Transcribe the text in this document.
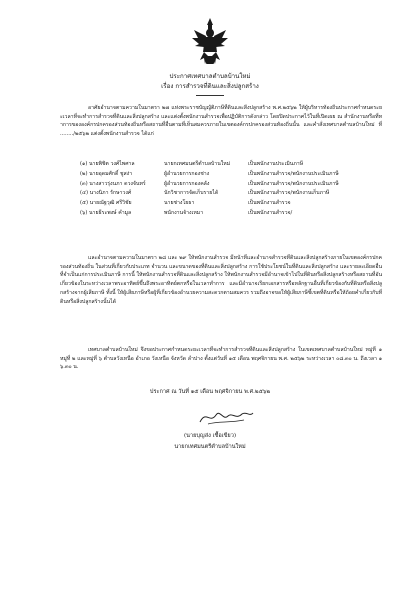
ประกาศเทศบาลตำบลบ้านใหม่
เรื่อง การสำรวจที่ดินและสิ่งปลูกสร้าง
อาศัยอำนาจตามความในมาตรา ๒๗ แห่งพระราชบัญญัติภาษีที่ดินและสิ่งปลูกสร้าง พ.ศ.๒๕๖๒ ให้ผู้บริหารท้องถิ่นประกาศกำหนดระยะเวลาที่จะทำการสำรวจที่ดินและสิ่งปลูกสร้าง และแต่งตั้งพนักงานสำรวจเพื่อปฏิบัติการดังกล่าว โดยปิดประกาศไว้ในที่เปิดเผย ณ สำนักงานหรือที่ทำการขององค์กรปกครองส่วนท้องถิ่นหรือสถานที่อื่นตามที่เห็นสมควรภายในเขตองค์กรปกครองส่วนท้องถิ่นนั้น และคำสั่งเทศบาลตำบลบ้านใหม่ ที่ ......../๒๕๖๒ แต่งตั้งพนักงานสำรวจ ได้แก่
(๑) นายพิชิต วงศ์ไพศาล	นายกเทศมนตรีตำบลบ้านใหม่	เป็นพนักงานประเมินภาษี
(๒) นายอุดมศักดิ์ ชูสง่า	ผู้อำนวยการกองช่าง	เป็นพนักงานสำรวจ/พนักงานประเมินภาษี
(๓) นางสาวรุ่งนภา ดวงจันทร์	ผู้อำนวยการกองคลัง	เป็นพนักงานสำรวจ/พนักงานประเมินภาษี
(๔) นางนิภา รักษาวงศ์	นักวิชาการจัดเก็บรายได้	เป็นพนักงานสำรวจ/พนักงานเก็บภาษี
(๕) นายณัฐวุฒิ ศรีวิชัย	นายช่างโยธา	เป็นพนักงานสำรวจ
(๖) นายธีระพงษ์ คำมูล	พนักงานจ้างเหมา	เป็นพนักงานสำรวจ/
และอำนาจตามความในมาตรา ๒๘ และ ๒๙ ให้พนักงานสำรวจ มีหน้าที่และอำนาจสำรวจที่ดินและสิ่งปลูกสร้างภายในเขตองค์กรปกครองส่วนท้องถิ่น ในส่วนที่เกี่ยวกับประเภท จำนวน และขนาดของที่ดินและสิ่งปลูกสร้าง การใช้ประโยชน์ในที่ดินและสิ่งปลูกสร้าง และรายละเอียดอื่นที่จำเป็นแก่การประเมินภาษี การนี้ ให้พนักงานสำรวจที่ดินและสิ่งปลูกสร้าง ให้พนักงานสำรวจมีอำนาจเข้าไปในที่ดินหรือสิ่งปลูกสร้างหรือสถานที่อันเกี่ยวข้องในระหว่างเวลาพระอาทิตย์ขึ้นถึงพระอาทิตย์ตกหรือในเวลาทำการ และมีอำนาจเรียกเอกสารหรือหลักฐานอื่นที่เกี่ยวข้องกับที่ดินหรือสิ่งปลูกสร้างจากผู้เสียภาษี ทั้งนี้ ให้ผู้เสียภาษีหรือผู้ที่เกี่ยวข้องอำนวยความสะดวกตามสมควร รวมถึงอาจขอให้ผู้เสียภาษีชี้เขตที่ดินหรือให้ถ้อยคำเกี่ยวกับที่ดินหรือสิ่งปลูกสร้างนั้นได้
เทศบาลตำบลบ้านใหม่ จึงขอประกาศกำหนดระยะเวลาที่จะทำการสำรวจที่ดินและสิ่งปลูกสร้าง ในเขตเทศบาลตำบลบ้านใหม่ หมู่ที่ ๑ หมู่ที่ ๒ และหมู่ที่ ๖ ตำบลวังเหนือ อำเภอ วังเหนือ จังหวัด ลำปาง ตั้งแต่วันที่ ๑๕ เดือน พฤศจิกายน พ.ศ. ๒๕๖๒ ระหว่างเวลา ๐๘.๓๐ น. ถึงเวลา ๑๖.๓๐ น.
ประกาศ ณ วันที่ ๑๕ เดือน พฤศจิกายน พ.ศ.๒๕๖๒
(นายบุญส่ง เชื้อเขียว)
นายกเทศมนตรีตำบลบ้านใหม่
